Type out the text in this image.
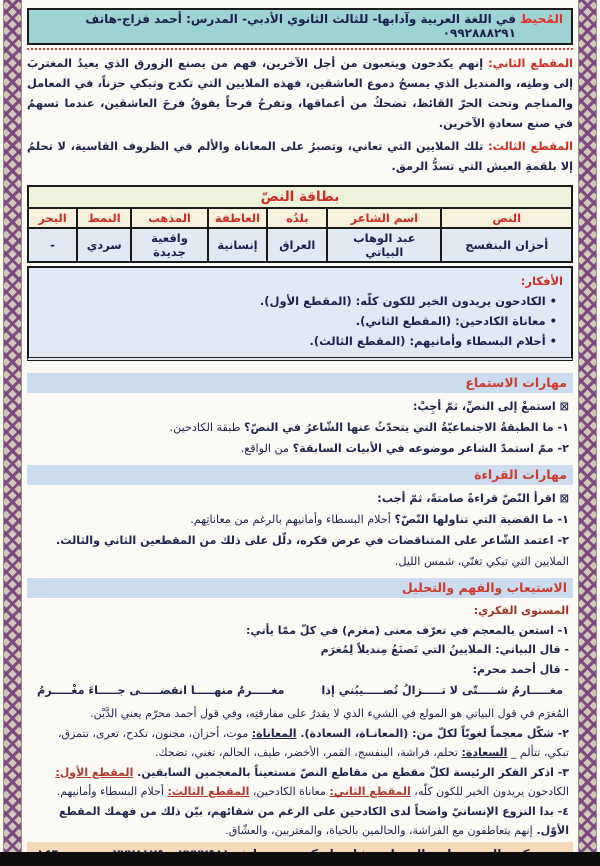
المُحيط
في اللغة العربية وآدابها- للثالث الثانوي الأدبي- المدرس: أحمد فزاج-هاتف ٠٩٩٢٨٨٨٢٩١

المقطع الثاني: إنهم يكدحون ويتعبون من أجل الآخرين، فهم من يصنع الزورق الذي يعيدُ المغتربَ إلى وطنِه، والمنديل الذي يمسحُ دموع العاشقين، فهذه الملايين التي تكدح وتبكي حزناً، في المعامل والمناجم وتحت الحرّ القائظ، تضحكُ من أعماقها، وتفرحُ فرحاً يفوقُ فرحَ العاشقين، عندما تسهمُ في صنع سعادةِ الآخرين.

المقطع الثالث: تلك الملايين التي تعاني، وتصبرُ على المعاناة والألم في الظروف القاسية، لا تحلمُ إلا بلقمةِ العيش التي تسدُّ الرمق.

بطاقة النصّ						
النص	اسم الشاعر	بلدُه	العاطفة	المذهب	النمط	البحر
أحزان البنفسج	عبد الوهاب البياتي	العراق	إنسانية	واقعية جديدة	سردي	-
الأفكار:
• الكادحون يريدون الخير للكون كلّه: (المقطع الأول).
• معاناة الكادحين: (المقطع الثاني).
• أحلام البسطاء وأمانيهم: (المقطع الثالث).
مهارات الاستماع

⊠ استمعْ إلى النصِّ، ثمّ أجِبْ:

١- ما الطبقةُ الاجتماعيّةُ التي يتحدّثُ عنها الشّاعرُ في النصّ؟ طبقة الكادحين.

٢- ممّ استمدّ الشاعر موضوعه في الأبيات السابقة؟ من الواقع.

مهارات القراءة

⊠ اقرأ النّصّ قراءةً صامتةً، ثمّ أجب:

١- ما القضية التي تناولها النّصّ؟ أحلام البسطاء وأمانيهم بالرغم من معاناتِهم.

٢- اعتمد الشّاعر على المتناقضات في عرض فكره، دلّل على ذلك من المقطعين الثاني والثالث. الملايين التي تبكي تغنّي، شمس الليل.

الاستيعاب والفهم والتحليل

المستوى الفكري:

١- استعن بالمعجم في تعرّف معنى (مغرم) في كلّ ممّا يأتي:

- قال البياتي: الملايينُ التي تَصنَعُ مِنديلاً لِمُغرَم

- قال أحمد محرم:

مغـــــارمُ شـــــتّى لا تـــــزالُ تُصـــــيبُني إذا
مغـــــرمٌ منهـــــا انقضـــــى جـــــاءَ مغْـــــرمُ

المُغرَم في قول البياتي هو المولع في الشيء الذي لا يقدرُ على مفارقتِه، وفي قول أحمد محرّم يعني الدَّيْن.

٢- شكّل معجماً لغويّاً لكلّ من: (المعانـاة، السعادة). المعاناة: موت، أحزان، مجنون، تكدح، تعرى، تتمزق، تبكي، تتألم _ السعادة: تحلم، فراشة، البنفسج، القمر، الأخضر، طيف، الحالم، تغني، تضحك.

٣- اذكر الفكر الرئيسة لكلّ مقطع من مقاطع النصّ مستعيناً بالمعجمين السابقين. المقطع الأول: الكادحون يريدون الخير للكون كلّه، المقطع الثاني: معاناة الكادحين، المقطع الثالث: أحلام البسطاء وأمانيهم.

٤- بدا النزوع الإنسانيّ واضحاً لدى الكادحين على الرغم من شقائهم، بيّن ذلك من فهمك المقطع الأوّل. إنهم يتعاطفون مع الفراشة، والحالمين بالحياة، والمغتربين، والعشّاق.
